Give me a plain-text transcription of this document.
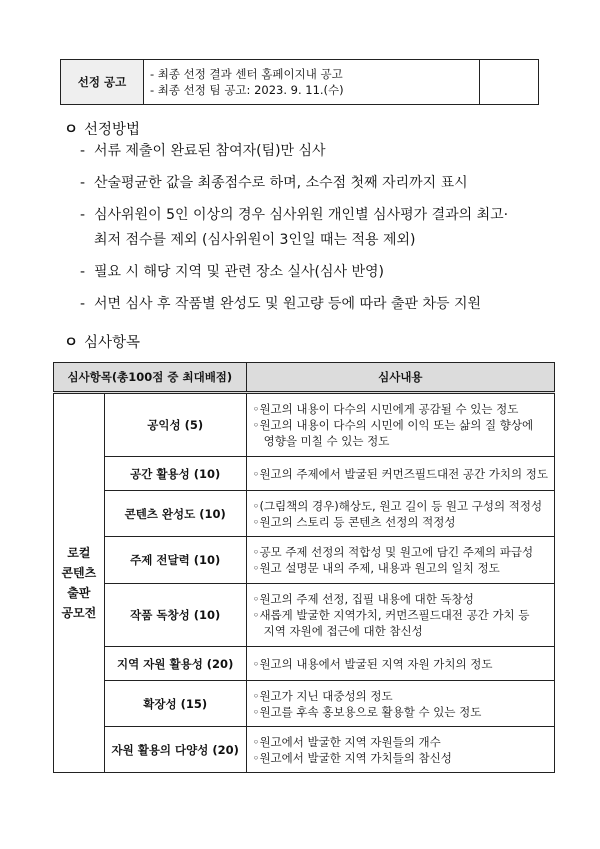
선정 공고	
- 최종 선정 결과 센터 홈페이지내 공고
- 최종 선정 팀 공고: 2023. 9. 11.(수)

ㅇ 선정방법
- 서류 제출이 완료된 참여자(팀)만 심사
- 산술평균한 값을 최종점수로 하며, 소수점 첫째 자리까지 표시
- 심사위원이 5인 이상의 경우 심사위원 개인별 심사평가 결과의 최고·
최저 점수를 제외 (심사위원이 3인일 때는 적용 제외)
- 필요 시 해당 지역 및 관련 장소 실사(심사 반영)
- 서면 심사 후 작품별 완성도 및 원고량 등에 따라 출판 차등 지원
ㅇ 심사항목
심사항목(총100점 중 최대배점)		심사내용

로컬
콘텐츠
출판
공모전	공익성 (5)	◦원고의 내용이 다수의 시민에게 공감될 수 있는 정도
◦원고의 내용이 다수의 시민에 이익 또는 삶의 질 향상에
영향을 미칠 수 있는 정도

	공간 활용성 (10)	◦원고의 주제에서 발굴된 커먼즈필드대전 공간 가치의 정도

	콘텐츠 완성도 (10)	◦(그림책의 경우)해상도, 원고 길이 등 원고 구성의 적정성
◦원고의 스토리 등 콘텐츠 선정의 적정성

	주제 전달력 (10)	◦공모 주제 선정의 적합성 및 원고에 담긴 주제의 파급성
◦원고 설명문 내의 주제, 내용과 원고의 일치 정도

	작품 독창성 (10)	◦원고의 주제 선정, 집필 내용에 대한 독창성
◦새롭게 발굴한 지역가치, 커먼즈필드대전 공간 가치 등
지역 자원에 접근에 대한 참신성

	지역 자원 활용성 (20)	◦원고의 내용에서 발굴된 지역 자원 가치의 정도

	확장성 (15)	◦원고가 지닌 대중성의 정도
◦원고를 후속 홍보용으로 활용할 수 있는 정도

	자원 활용의 다양성 (20)	◦원고에서 발굴한 지역 자원들의 개수
◦원고에서 발굴한 지역 가치들의 참신성
